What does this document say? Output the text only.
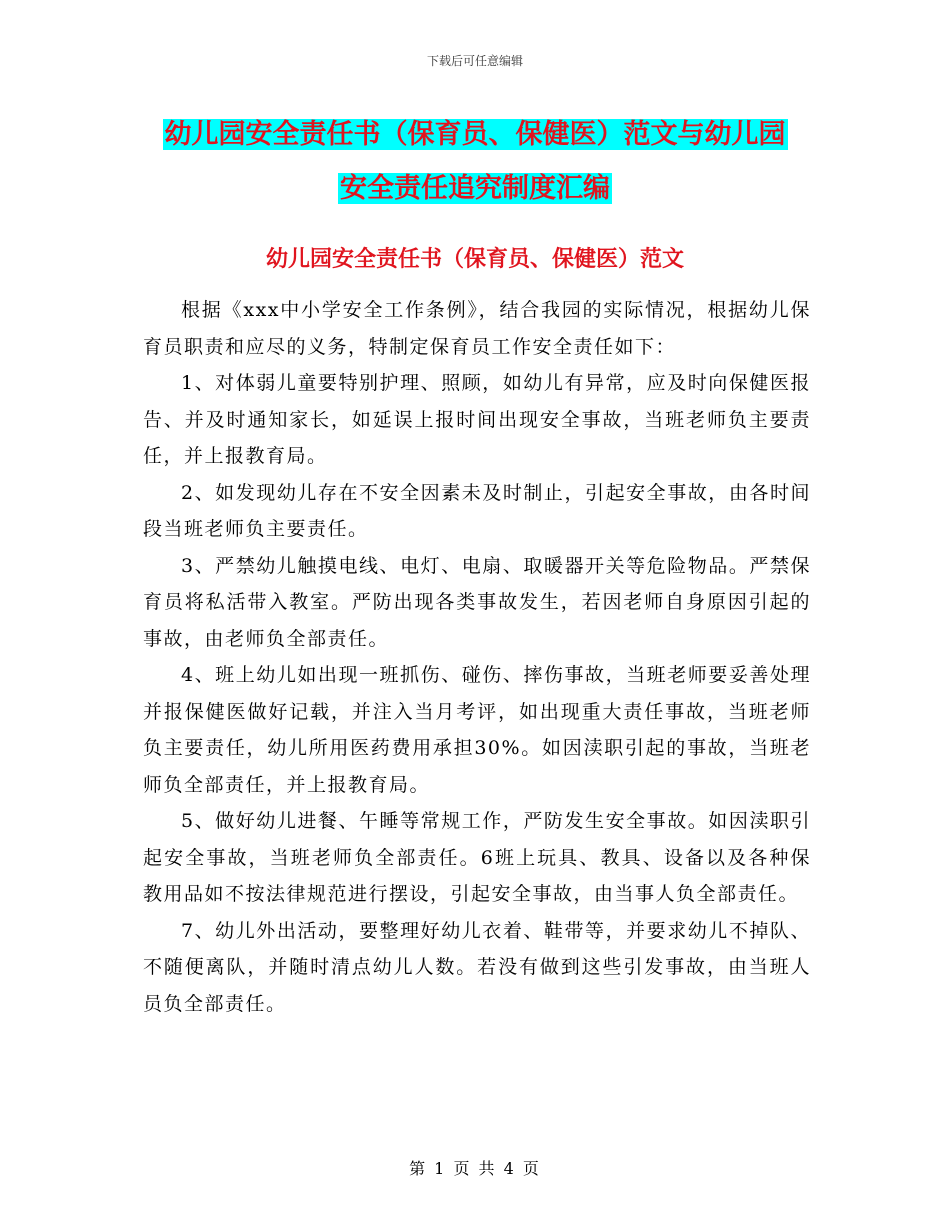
下载后可任意编辑
幼儿园安全责任书（保育员、保健医）范文与幼儿园
安全责任追究制度汇编
幼儿园安全责任书（保育员、保健医）范文

根据《xxx中小学安全工作条例》，结合我园的实际情况，根据幼儿保育员职责和应尽的义务，特制定保育员工作安全责任如下：

1、对体弱儿童要特别护理、照顾，如幼儿有异常，应及时向保健医报告、并及时通知家长，如延误上报时间出现安全事故，当班老师负主要责任，并上报教育局。

2、如发现幼儿存在不安全因素未及时制止，引起安全事故，由各时间段当班老师负主要责任。

3、严禁幼儿触摸电线、电灯、电扇、取暖器开关等危险物品。严禁保育员将私活带入教室。严防出现各类事故发生，若因老师自身原因引起的事故，由老师负全部责任。

4、班上幼儿如出现一班抓伤、碰伤、摔伤事故，当班老师要妥善处理并报保健医做好记载，并注入当月考评，如出现重大责任事故，当班老师负主要责任，幼儿所用医药费用承担30%。如因渎职引起的事故，当班老师负全部责任，并上报教育局。

5、做好幼儿进餐、午睡等常规工作，严防发生安全事故。如因渎职引起安全事故，当班老师负全部责任。6班上玩具、教具、设备以及各种保教用品如不按法律规范进行摆设，引起安全事故，由当事人负全部责任。

7、幼儿外出活动，要整理好幼儿衣着、鞋带等，并要求幼儿不掉队、不随便离队，并随时清点幼儿人数。若没有做到这些引发事故，由当班人员负全部责任。

第 1 页 共 4 页
